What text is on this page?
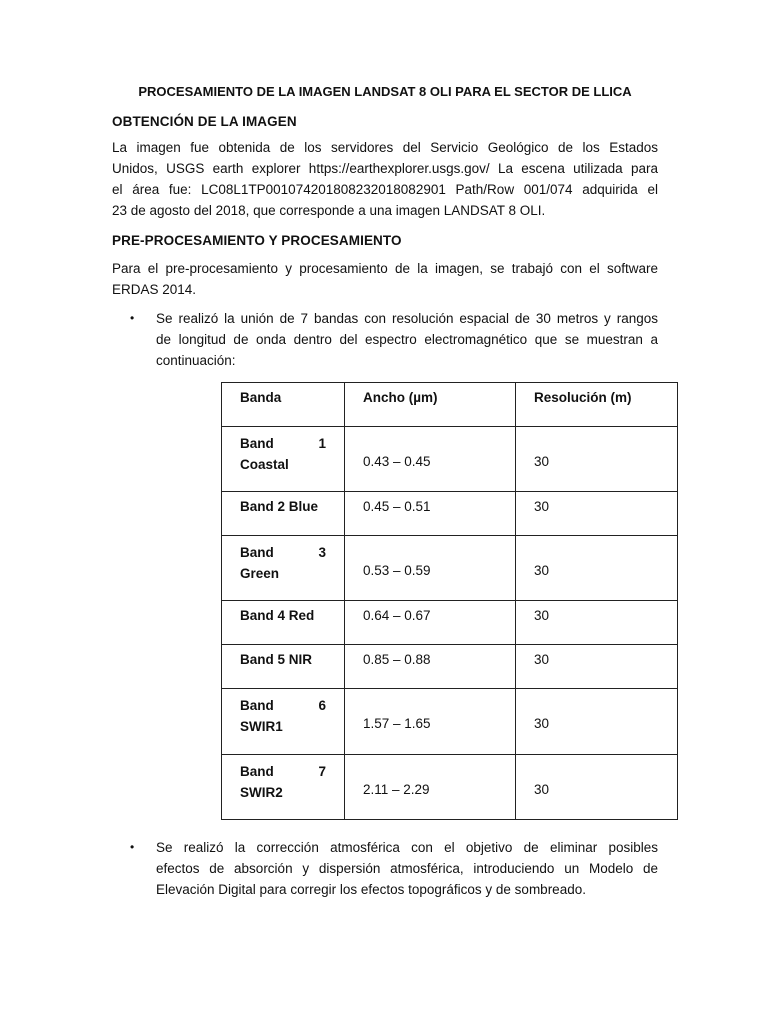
PROCESAMIENTO DE LA IMAGEN LANDSAT 8 OLI PARA EL SECTOR DE LLICA
OBTENCIÓN DE LA IMAGEN
La imagen fue obtenida de los servidores del Servicio Geológico de los Estados
Unidos, USGS earth explorer https://earthexplorer.usgs.gov/ La escena utilizada para
el área fue: LC08L1TP001074201808232018082901 Path/Row 001/074 adquirida el
23 de agosto del 2018, que corresponde a una imagen LANDSAT 8 OLI.
PRE-PROCESAMIENTO Y PROCESAMIENTO
Para el pre-procesamiento y procesamiento de la imagen, se trabajó con el software
ERDAS 2014.
• Se realizó la unión de 7 bandas con resolución espacial de 30 metros y rangos
de longitud de onda dentro del espectro electromagnético que se muestran a
continuación:
• Se realizó la corrección atmosférica con el objetivo de eliminar posibles
efectos de absorción y dispersión atmosférica, introduciendo un Modelo de
Elevación Digital para corregir los efectos topográficos y de sombreado.
Banda	Ancho (µm)	Resolución (m)

Band 1
Coastal	0.43 – 0.45	30

Band 2 Blue	0.45 – 0.51	30

Band 3
Green	0.53 – 0.59	30

Band 4 Red	0.64 – 0.67	30

Band 5 NIR	0.85 – 0.88	30

Band 6
SWIR1	1.57 – 1.65	30

Band 7
SWIR2	2.11 – 2.29	30
